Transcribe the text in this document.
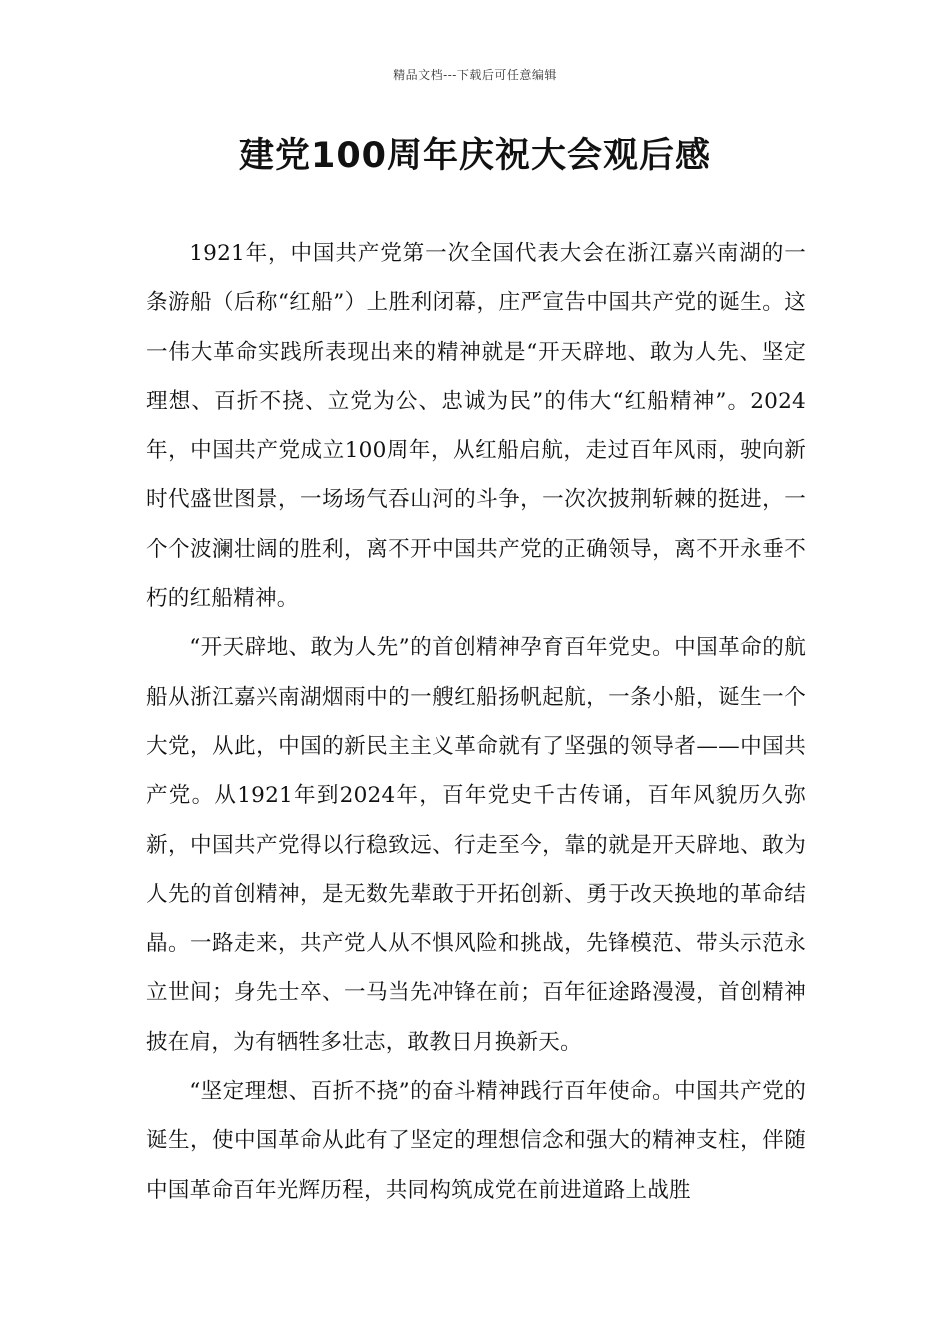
精品文档---下载后可任意编辑
建党100周年庆祝大会观后感

1921年，中国共产党第一次全国代表大会在浙江嘉兴南湖的一条游船（后称“红船”）上胜利闭幕，庄严宣告中国共产党的诞生。这一伟大革命实践所表现出来的精神就是“开天辟地、敢为人先、坚定理想、百折不挠、立党为公、忠诚为民”的伟大“红船精神”。2024年，中国共产党成立100周年，从红船启航，走过百年风雨，驶向新时代盛世图景，一场场气吞山河的斗争，一次次披荆斩棘的挺进，一个个波澜壮阔的胜利，离不开中国共产党的正确领导，离不开永垂不朽的红船精神。

“开天辟地、敢为人先”的首创精神孕育百年党史。中国革命的航船从浙江嘉兴南湖烟雨中的一艘红船扬帆起航，一条小船，诞生一个大党，从此，中国的新民主主义革命就有了坚强的领导者——中国共产党。从1921年到2024年，百年党史千古传诵，百年风貌历久弥新，中国共产党得以行稳致远、行走至今，靠的就是开天辟地、敢为人先的首创精神，是无数先辈敢于开拓创新、勇于改天换地的革命结晶。一路走来，共产党人从不惧风险和挑战，先锋模范、带头示范永立世间；身先士卒、一马当先冲锋在前；百年征途路漫漫，首创精神披在肩，为有牺牲多壮志，敢教日月换新天。

“坚定理想、百折不挠”的奋斗精神践行百年使命。中国共产党的诞生，使中国革命从此有了坚定的理想信念和强大的精神支柱，伴随中国革命百年光辉历程，共同构筑成党在前进道路上战胜
